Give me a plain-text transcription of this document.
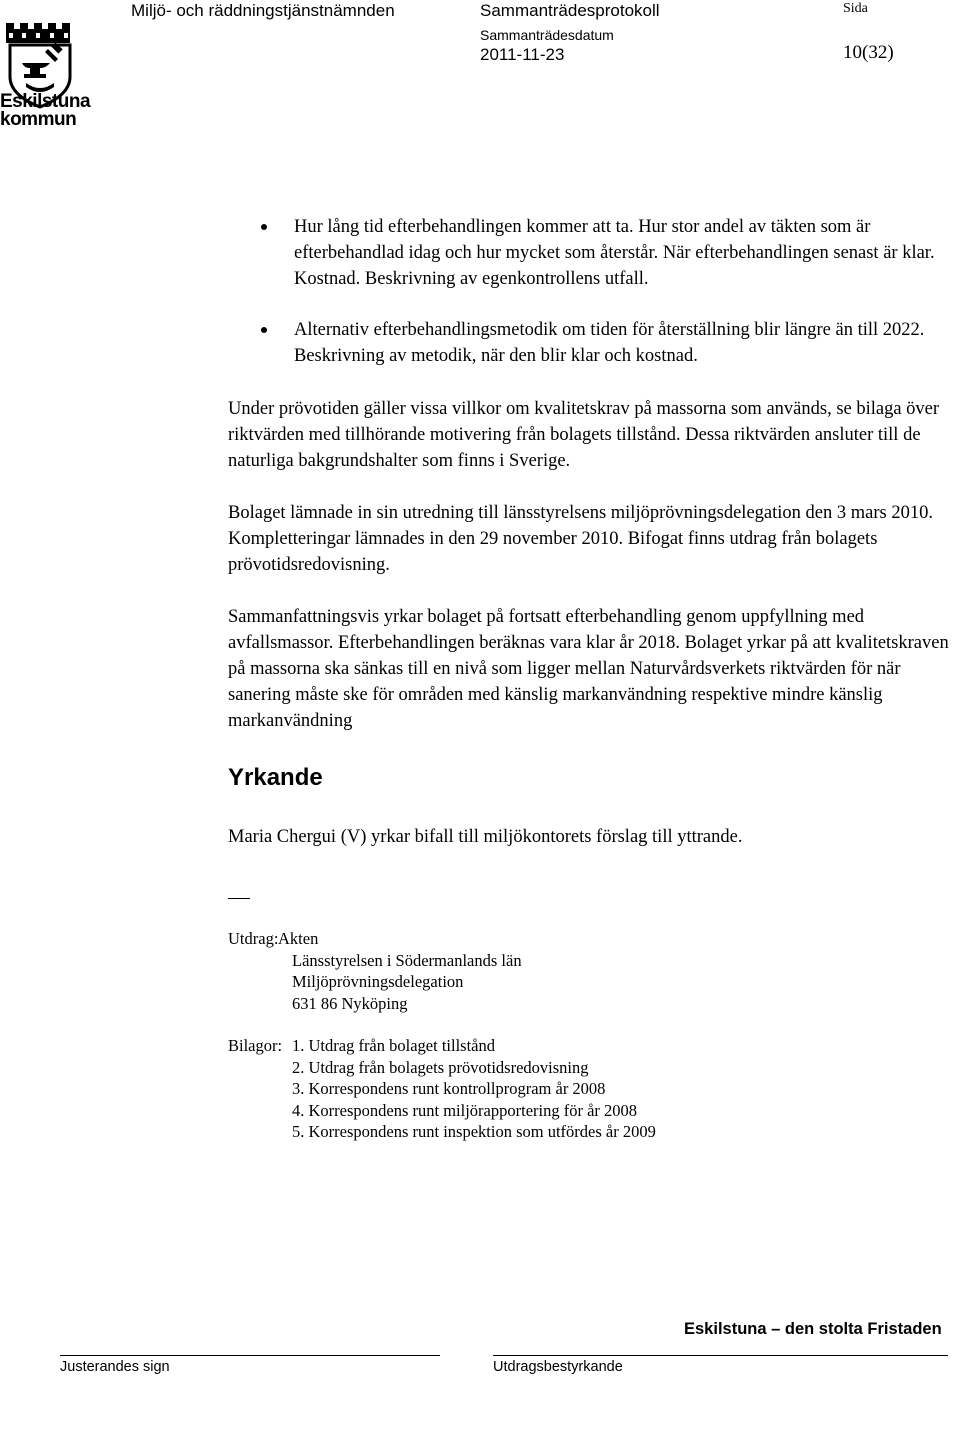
Eskilstuna
kommun
Miljö- och räddningstjänstnämnden	Sammanträdesprotokoll
Sammanträdesdatum
2011-11-23
Sida
10(32)
Hur lång tid efterbehandlingen kommer att ta. Hur stor andel av täkten som är efterbehandlad idag och hur mycket som återstår. När efterbehandlingen senast är klar. Kostnad. Beskrivning av egenkontrollens utfall.
Alternativ efterbehandlingsmetodik om tiden för återställning blir längre än till 2022. Beskrivning av metodik, när den blir klar och kostnad.

Under prövotiden gäller vissa villkor om kvalitetskrav på massorna som används, se bilaga över riktvärden med tillhörande motivering från bolagets tillstånd. Dessa riktvärden ansluter till de naturliga bakgrundshalter som finns i Sverige.

Bolaget lämnade in sin utredning till länsstyrelsens miljöprövningsdelegation den 3 mars 2010. Kompletteringar lämnades in den 29 november 2010. Bifogat finns utdrag från bolagets prövotidsredovisning.

Sammanfattningsvis yrkar bolaget på fortsatt efterbehandling genom uppfyllning med avfallsmassor. Efterbehandlingen beräknas vara klar år 2018. Bolaget yrkar på att kvalitetskraven på massorna ska sänkas till en nivå som ligger mellan Naturvårdsverkets riktvärden för när sanering måste ske för områden med känslig markanvändning respektive mindre känslig markanvändning

Yrkande

Maria Chergui (V) yrkar bifall till miljökontorets förslag till yttrande.

Utdrag: Akten
Länsstyrelsen i Södermanlands län
Miljöprövningsdelegation
631 86 Nyköping
Bilagor: 1. Utdrag från bolaget tillstånd
2. Utdrag från bolagets prövotidsredovisning
3. Korrespondens runt kontrollprogram år 2008
4. Korrespondens runt miljörapportering för år 2008
5. Korrespondens runt inspektion som utfördes år 2009
Eskilstuna – den stolta Fristaden
Justerandes sign	Utdragsbestyrkande
